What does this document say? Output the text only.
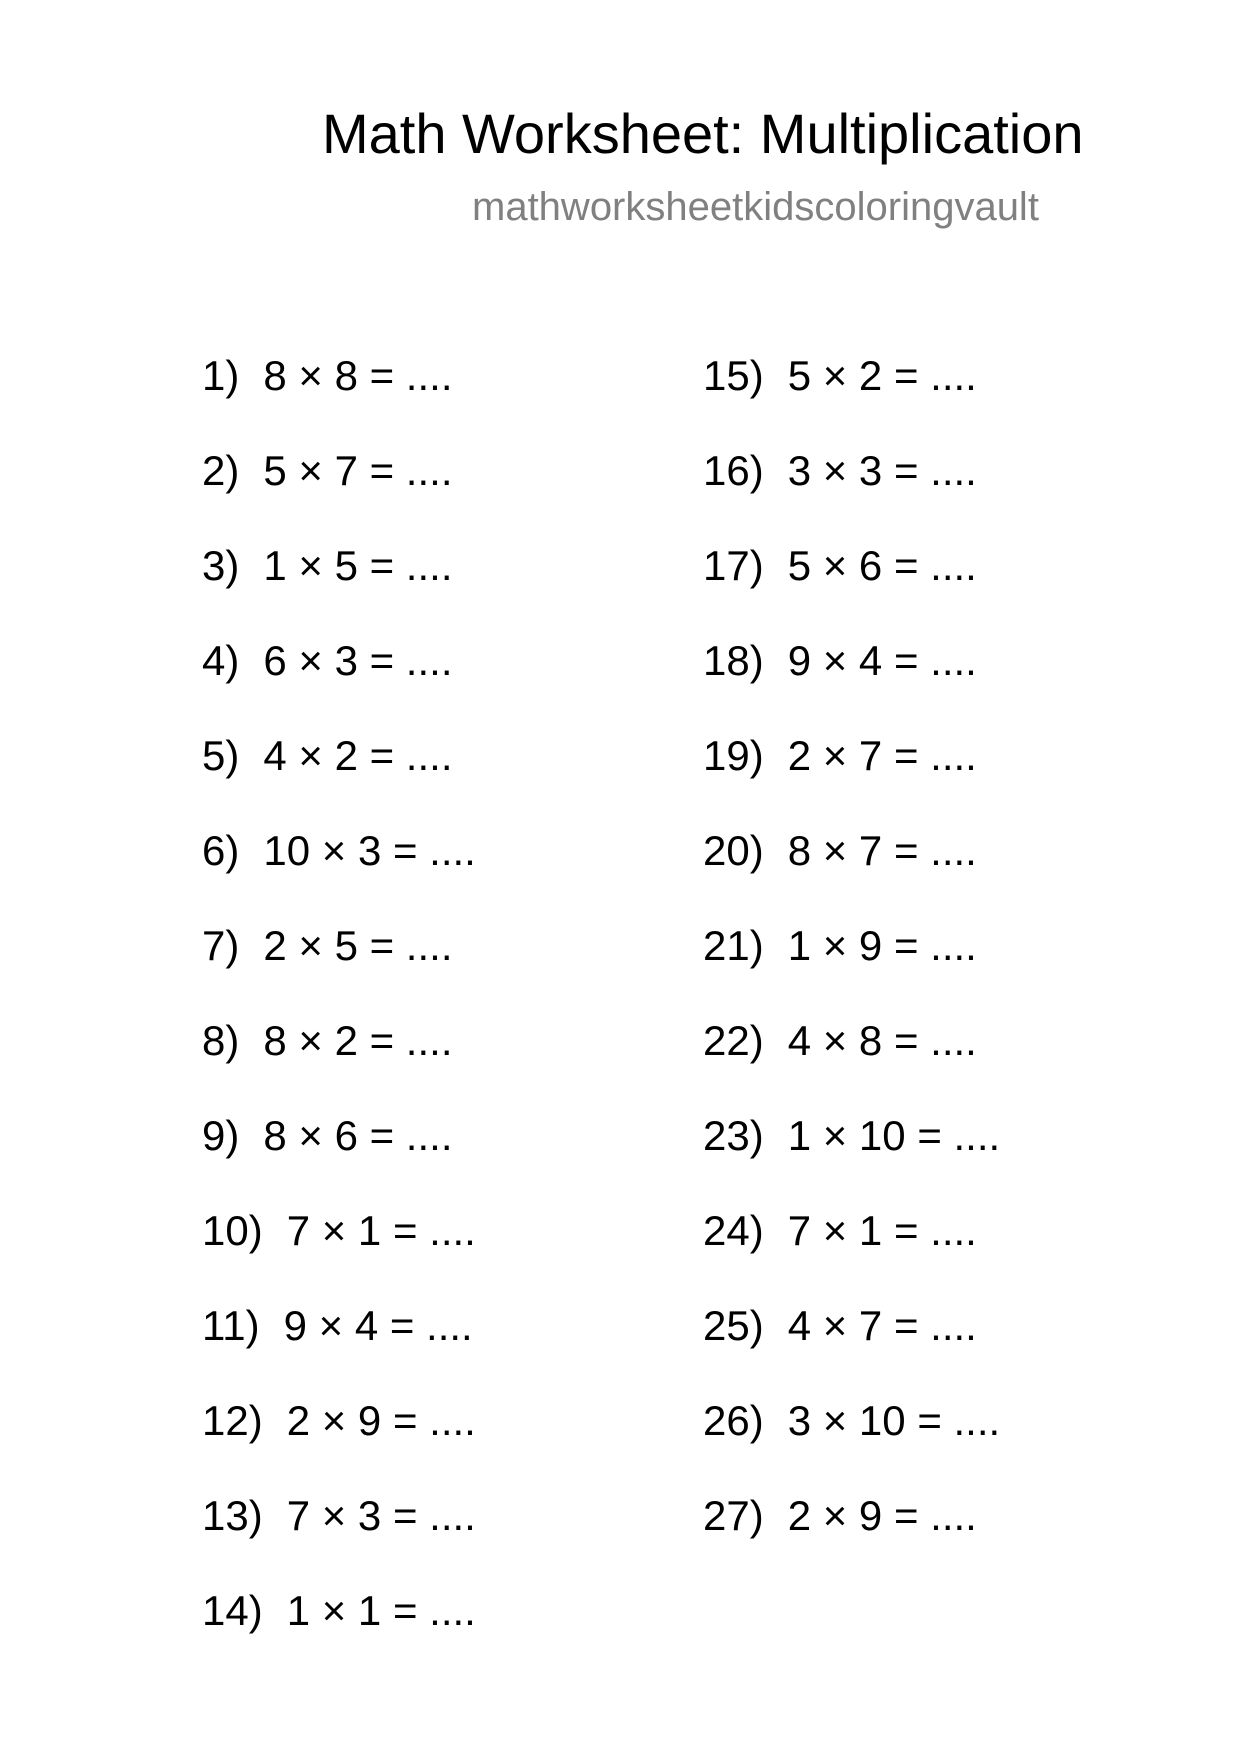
Math Worksheet: Multiplication
mathworksheetkidscoloringvault
1) 8 × 8 = ....
2) 5 × 7 = ....
3) 1 × 5 = ....
4) 6 × 3 = ....
5) 4 × 2 = ....
6) 10 × 3 = ....
7) 2 × 5 = ....
8) 8 × 2 = ....
9) 8 × 6 = ....
10) 7 × 1 = ....
11) 9 × 4 = ....
12) 2 × 9 = ....
13) 7 × 3 = ....
14) 1 × 1 = ....
15) 5 × 2 = ....
16) 3 × 3 = ....
17) 5 × 6 = ....
18) 9 × 4 = ....
19) 2 × 7 = ....
20) 8 × 7 = ....
21) 1 × 9 = ....
22) 4 × 8 = ....
23) 1 × 10 = ....
24) 7 × 1 = ....
25) 4 × 7 = ....
26) 3 × 10 = ....
27) 2 × 9 = ....
